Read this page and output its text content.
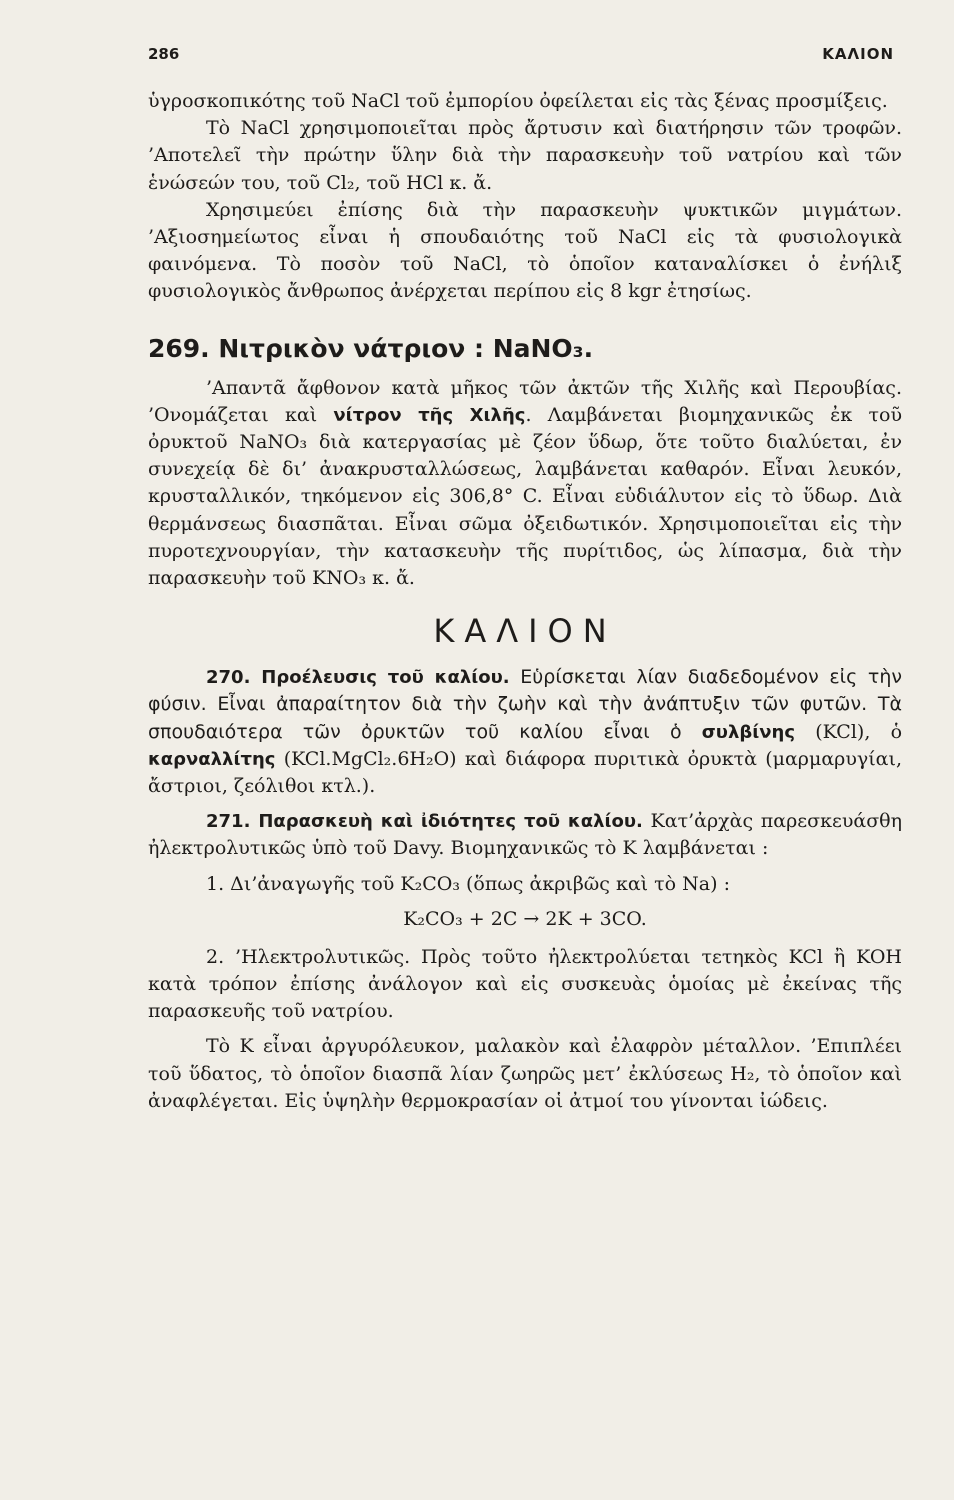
286	ΚΑΛΙΟΝ

ὑγροσκοπικότης τοῦ NaCl τοῦ ἐμπορίου ὀφείλεται εἰς τὰς ξένας προσμίξεις.

Τὸ NaCl χρησιμοποιεῖται πρὸς ἄρτυσιν καὶ διατήρησιν τῶν τροφῶν. ’Αποτελεῖ τὴν πρώτην ὕλην διὰ τὴν παρασκευὴν τοῦ νατρίου καὶ τῶν ἑνώσεών του, τοῦ Cl₂, τοῦ HCl κ. ἄ.

Χρησιμεύει ἐπίσης διὰ τὴν παρασκευὴν ψυκτικῶν μιγμάτων. ’Αξιοσημείωτος εἶναι ἡ σπουδαιότης τοῦ NaCl εἰς τὰ φυσιολογικὰ φαινόμενα. Τὸ ποσὸν τοῦ NaCl, τὸ ὁποῖον καταναλίσκει ὁ ἐνήλιξ φυσιολογικὸς ἄνθρωπος ἀνέρχεται περίπου εἰς 8 kgr ἐτησίως.

269. Νιτρικὸν νάτριον : NaNO₃.

’Απαντᾶ ἄφθονον κατὰ μῆκος τῶν ἀκτῶν τῆς Χιλῆς καὶ Περουβίας. ’Ονομάζεται καὶ νίτρον τῆς Χιλῆς. Λαμβάνεται βιομηχανικῶς ἐκ τοῦ ὀρυκτοῦ NaNO₃ διὰ κατεργασίας μὲ ζέον ὕδωρ, ὅτε τοῦτο διαλύεται, ἐν συνεχείᾳ δὲ δι’ ἀνακρυσταλλώσεως, λαμβάνεται καθαρόν. Εἶναι λευκόν, κρυσταλλικόν, τηκόμενον εἰς 306,8° C. Εἶναι εὐδιάλυτον εἰς τὸ ὕδωρ. Διὰ θερμάνσεως διασπᾶται. Εἶναι σῶμα ὀξειδωτικόν. Χρησιμοποιεῖται εἰς τὴν πυροτεχνουργίαν, τὴν κατασκευὴν τῆς πυρίτιδος, ὡς λίπασμα, διὰ τὴν παρασκευὴν τοῦ KNO₃ κ. ἄ.

ΚΑΛΙΟΝ

270. Προέλευσις τοῦ καλίου. Εὑρίσκεται λίαν διαδεδομένον εἰς τὴν φύσιν. Εἶναι ἀπαραίτητον διὰ τὴν ζωὴν καὶ τὴν ἀνάπτυξιν τῶν φυτῶν. Τὰ σπουδαιότερα τῶν ὀρυκτῶν τοῦ καλίου εἶναι ὁ συλβίνης (KCl), ὁ καρναλλίτης (KCl.MgCl₂.6H₂O) καὶ διάφορα πυριτικὰ ὀρυκτὰ (μαρμαρυγίαι, ἄστριοι, ζεόλιθοι κτλ.).

271. Παρασκευὴ καὶ ἰδιότητες τοῦ καλίου. Κατ’ἀρχὰς παρεσκευάσθη ἠλεκτρολυτικῶς ὑπὸ τοῦ Davy. Βιομηχανικῶς τὸ Κ λαμβάνεται :

1. Δι’ἀναγωγῆς τοῦ K₂CO₃ (ὅπως ἀκριβῶς καὶ τὸ Na) :

K₂CO₃ + 2C → 2K + 3CO.

2. ’Ηλεκτρολυτικῶς. Πρὸς τοῦτο ἠλεκτρολύεται τετηκὸς KCl ἢ KOH κατὰ τρόπον ἐπίσης ἀνάλογον καὶ εἰς συσκευὰς ὁμοίας μὲ ἐκείνας τῆς παρασκευῆς τοῦ νατρίου.

Τὸ Κ εἶναι ἀργυρόλευκον, μαλακὸν καὶ ἐλαφρὸν μέταλλον. ’Επιπλέει τοῦ ὕδατος, τὸ ὁποῖον διασπᾶ λίαν ζωηρῶς μετ’ ἐκλύσεως H₂, τὸ ὁποῖον καὶ ἀναφλέγεται. Εἰς ὑψηλὴν θερμοκρασίαν οἱ ἀτμοί του γίνονται ἰώδεις.
